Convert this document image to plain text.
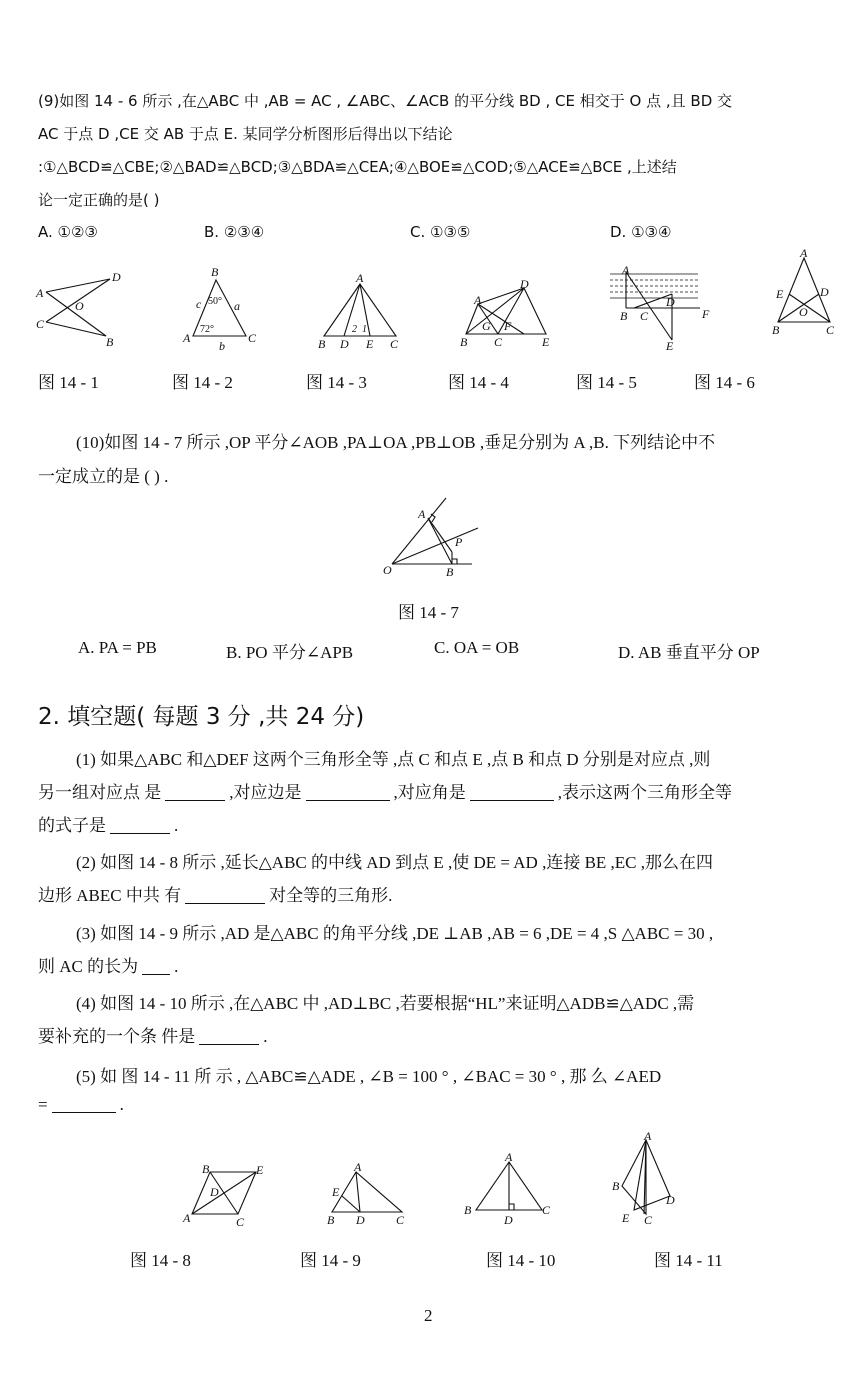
(9)如图 14 - 6 所示 ,在△ABC 中 ,AB = AC , ∠ABC、∠ACB 的平分线 BD , CE 相交于 O 点 ,且 BD 交
AC 于点 D ,CE 交 AB 于点 E. 某同学分析图形后得出以下结论
:①△BCD≌△CBE;②△BAD≌△BCD;③△BDA≌△CEA;④△BOE≌△COD;⑤△ACE≌△BCE ,上述结
论一定正确的是( )
A. ①②③	B. ②③④	C. ①③⑤	D. ①③④
A
D
O
C
B
B
A	C
a
b
c 50°
72°
A
B D E C
2 1
A
D
B
G
C
F
E
A
B C
D
F
E
A
E	D
O
B	C
图 14 - 1	图 14 - 2	图 14 - 3	图 14 - 4	图 14 - 5	图 14 - 6
(10)如图 14 - 7 所示 ,OP 平分∠AOB ,PA⊥OA ,PB⊥OB ,垂足分别为 A ,B. 下列结论中不
一定成立的是 ( ) .
A
P
O	B
图 14 - 7
A. PA = PB	B. PO 平分∠APB	C. OA = OB	D. AB 垂直平分 OP
2. 填空题( 每题 3 分 ,共 24 分)
(1) 如果△ABC 和△DEF 这两个三角形全等 ,点 C 和点 E ,点 B 和点 D 分别是对应点 ,则
另一组对应点 是	,对应边是	,对应角是	,表示这两个三角形全等
的式子是	.
(2) 如图 14 - 8 所示 ,延长△ABC 的中线 AD 到点 E ,使 DE = AD ,连接 BE ,EC ,那么在四
边形 ABEC 中共 有	对全等的三角形.
(3) 如图 14 - 9 所示 ,AD 是△ABC 的角平分线 ,DE ⊥AB ,AB = 6 ,DE = 4 ,S △ABC = 30 ,
则 AC 的长为 .
(4) 如图 14 - 10 所示 ,在△ABC 中 ,AD⊥BC ,若要根据“HL”来证明△ADB≌△ADC ,需
要补充的一个条 件是	.
(5) 如 图 14 - 11 所 示 , △ABC≌△ADE , ∠B = 100 ° , ∠BAC = 30 ° , 那 么 ∠AED
=	.
B	E
D
A	C
A
E
B D	C
A
B
D
C
A
B
D
E C
图 14 - 8	图 14 - 9	图 14 - 10	图 14 - 11
2
